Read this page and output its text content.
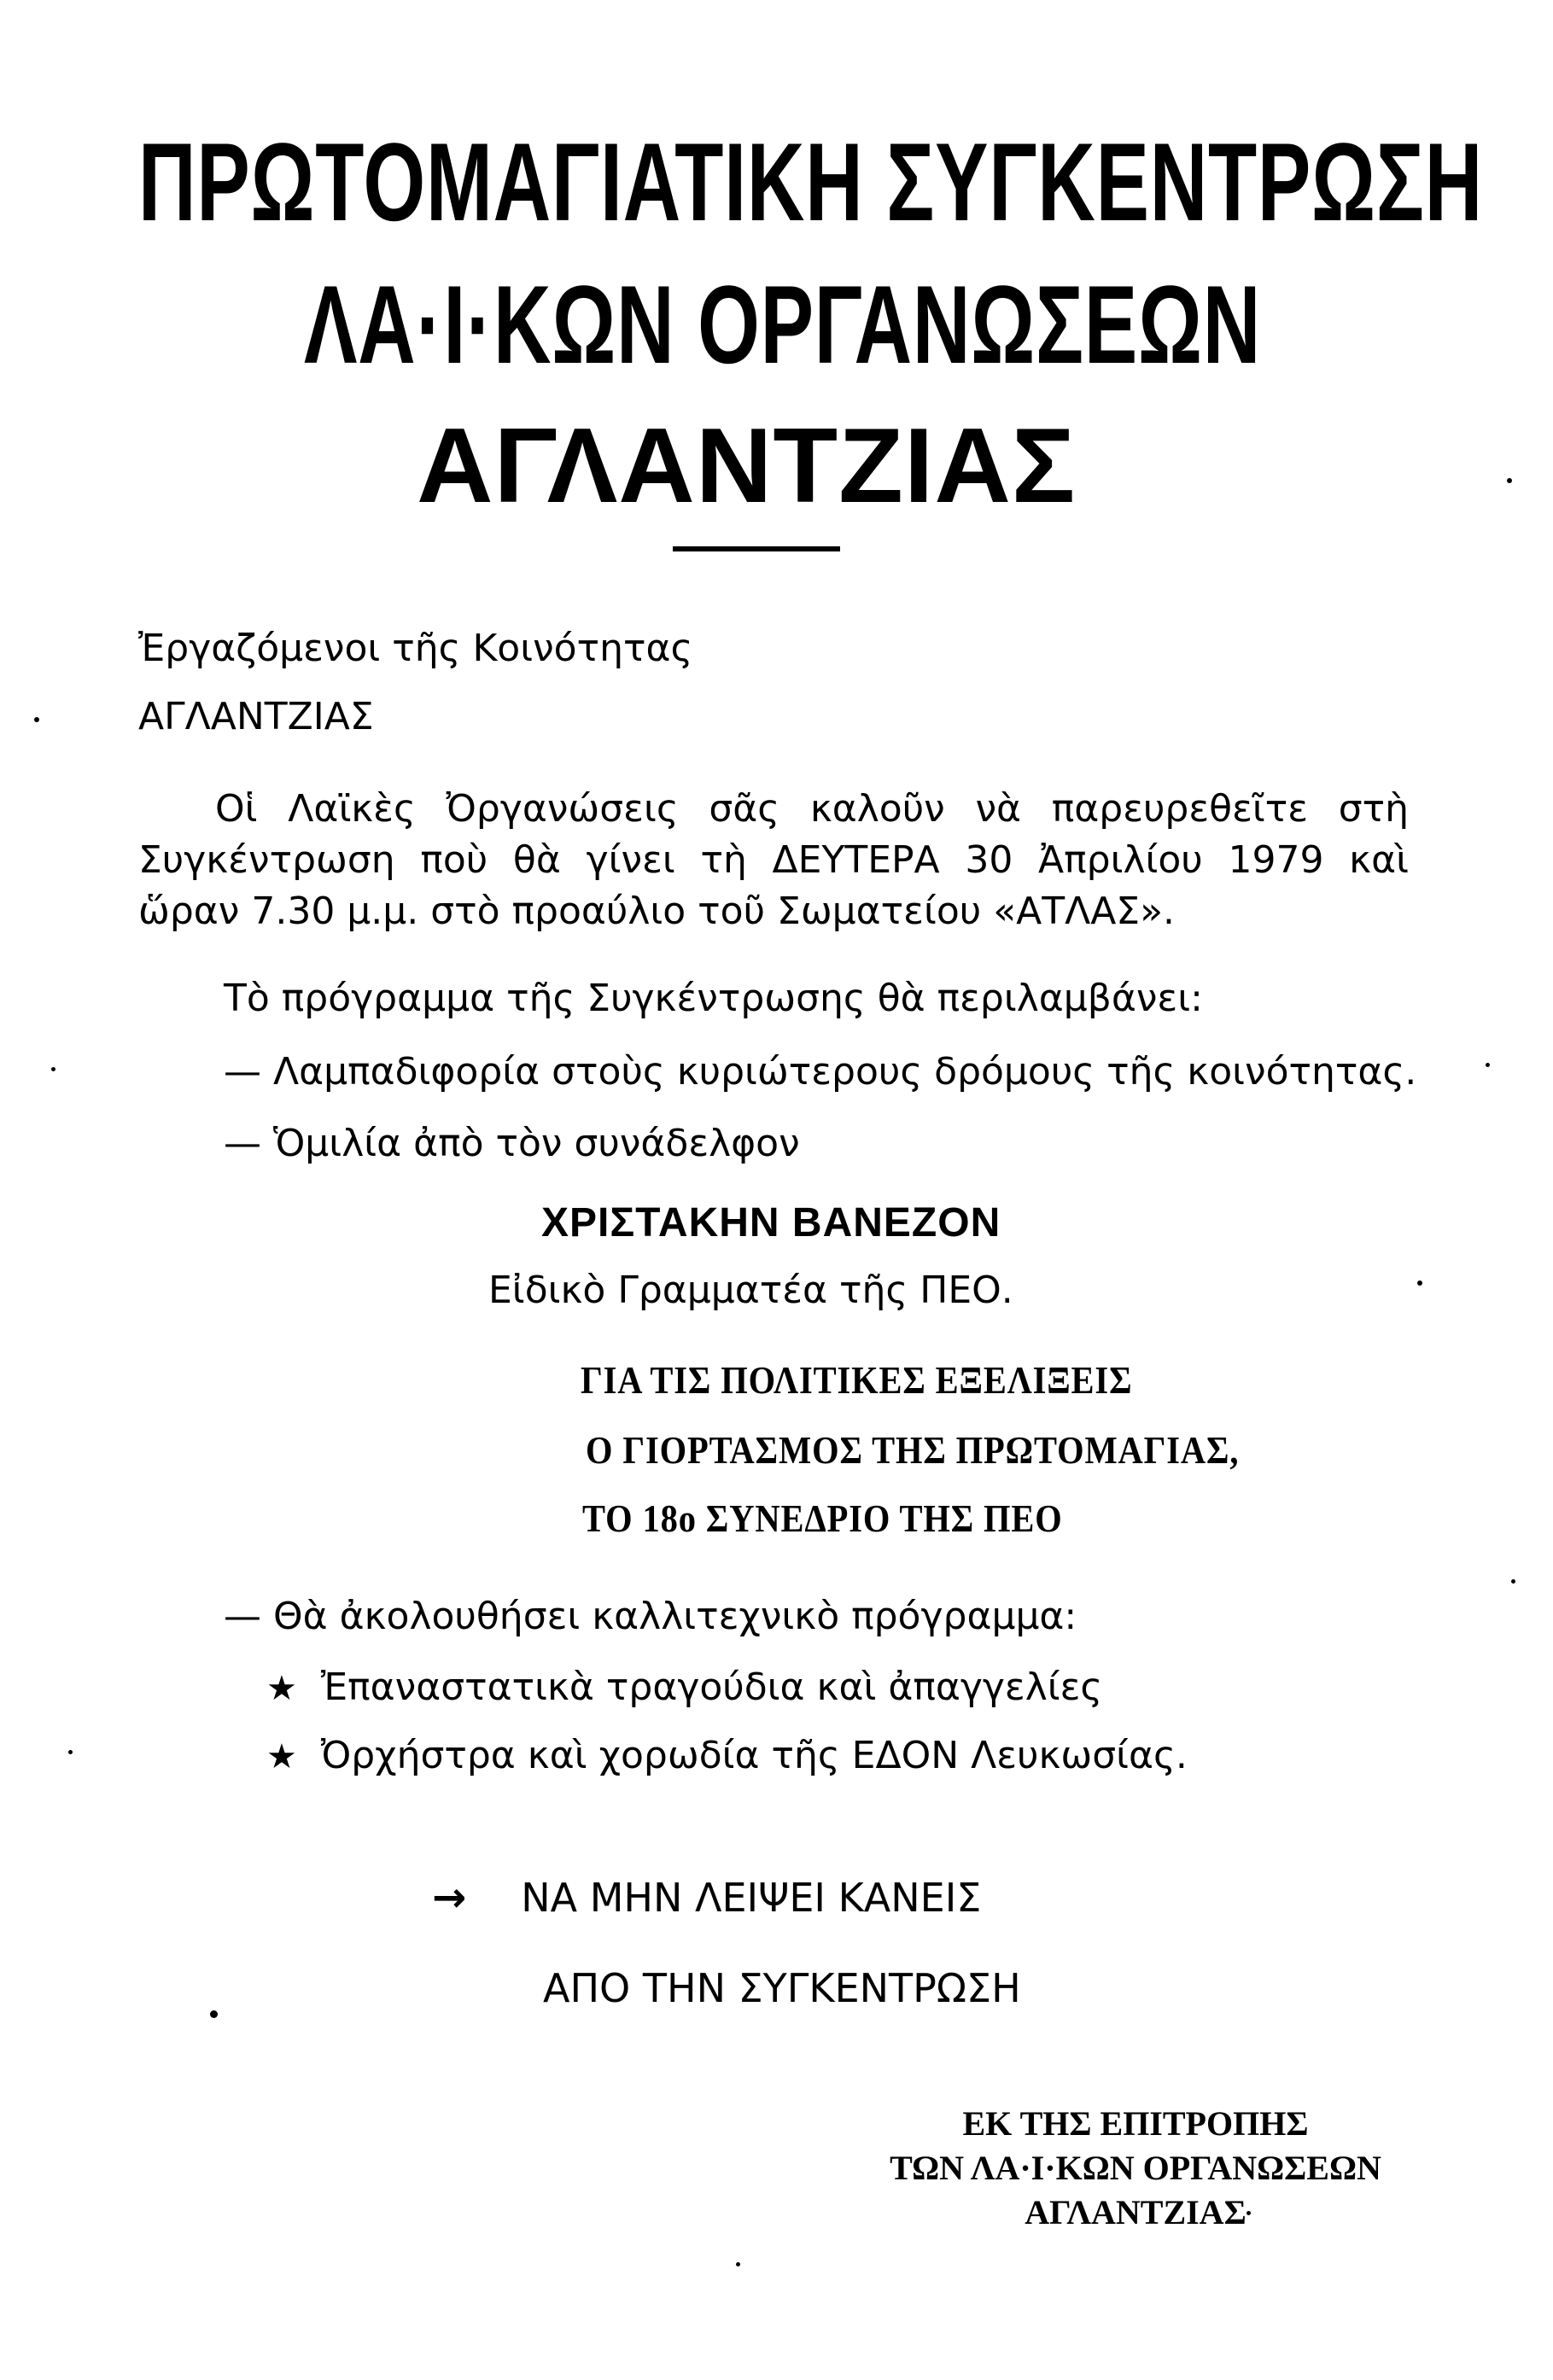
ΠΡΩΤΟΜΑΓΙΑΤΙΚΗ ΣΥΓΚΕΝΤΡΩΣΗ
ΛΑ·Ι·ΚΩΝ ΟΡΓΑΝΩΣΕΩΝ
ΑΓΛΑΝΤΖΙΑΣ
Ἐργαζόμενοι τῆς Κοινότητας
ΑΓΛΑΝΤΖΙΑΣ
Οἱ Λαϊκὲς Ὀργανώσεις σᾶς καλοῦν νὰ παρευρεθεῖτε στὴ
Συγκέντρωση ποὺ θὰ γίνει τὴ ΔΕΥΤΕΡΑ 30 Ἀπριλίου 1979 καὶ
ὥραν 7.30 μ.μ. στὸ προαύλιο τοῦ Σωματείου «ΑΤΛΑΣ».
Τὸ πρόγραμμα τῆς Συγκέντρωσης θὰ περιλαμβάνει:
— Λαμπαδιφορία στοὺς κυριώτερους δρόμους τῆς κοινότητας.
— Ὁμιλία ἀπὸ τὸν συνάδελφον
ΧΡΙΣΤΑΚΗΝ ΒΑΝΕΖΟΝ
Εἰδικὸ Γραμματέα τῆς ΠΕΟ.
ΓΙΑ ΤΙΣ ΠΟΛΙΤΙΚΕΣ ΕΞΕΛΙΞΕΙΣ
Ο ΓΙΟΡΤΑΣΜΟΣ ΤΗΣ ΠΡΩΤΟΜΑΓΙΑΣ,
ΤΟ 18ο ΣΥΝΕΔΡΙΟ ΤΗΣ ΠΕΟ
— Θὰ ἀκολουθήσει καλλιτεχνικὸ πρόγραμμα:
★ Ἐπαναστατικὰ τραγούδια καὶ ἀπαγγελίες
★ Ὀρχήστρα καὶ χορωδία τῆς ΕΔΟΝ Λευκωσίας.
→ ΝΑ ΜΗΝ ΛΕΙΨΕΙ ΚΑΝΕΙΣ
ΑΠΟ ΤΗΝ ΣΥΓΚΕΝΤΡΩΣΗ
ΕΚ ΤΗΣ ΕΠΙΤΡΟΠΗΣ
ΤΩΝ ΛΑ·Ι·ΚΩΝ ΟΡΓΑΝΩΣΕΩΝ
ΑΓΛΑΝΤΖΙΑΣ
